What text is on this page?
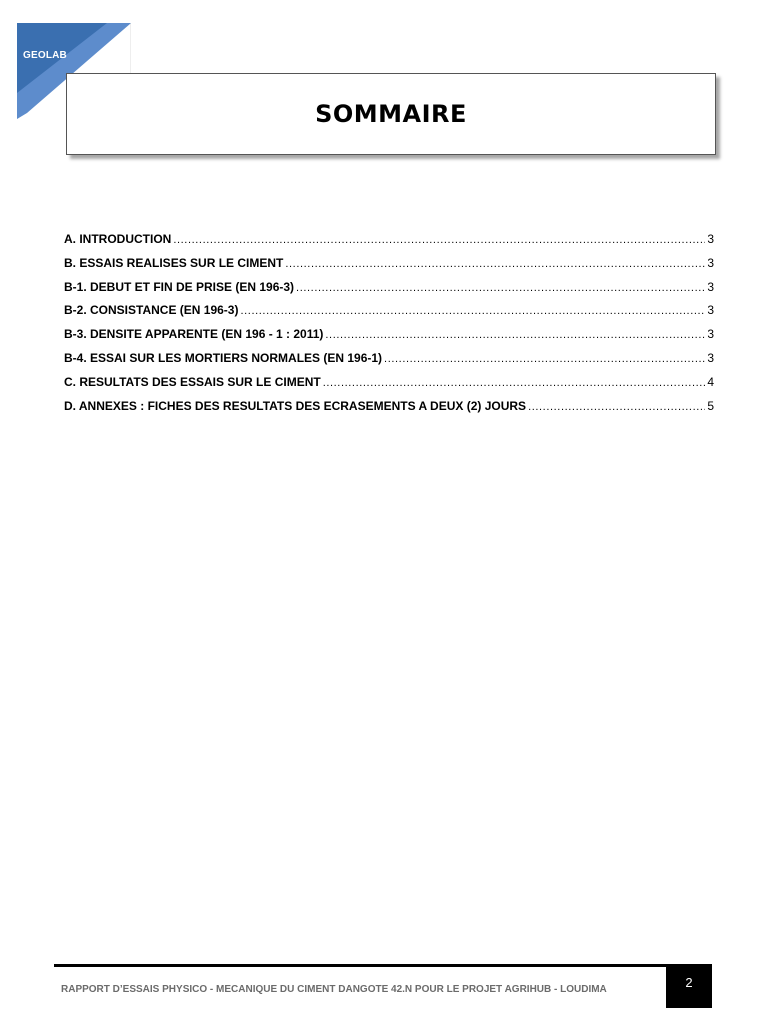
GEOLAB
SOMMAIRE
A. INTRODUCTION .....	3
B. ESSAIS REALISES SUR LE CIMENT .....	3
B-1. DEBUT ET FIN DE PRISE (EN 196-3) .....	3
B-2. CONSISTANCE (EN 196-3) .....	3
B-3. DENSITE APPARENTE (EN 196 - 1 : 2011) .....	3
B-4. ESSAI SUR LES MORTIERS NORMALES (EN 196-1) .....	3
C. RESULTATS DES ESSAIS SUR LE CIMENT .....	4
D. ANNEXES : FICHES DES RESULTATS DES ECRASEMENTS A DEUX (2) JOURS .....	5
RAPPORT D’ESSAIS PHYSICO - MECANIQUE DU CIMENT DANGOTE 42.N POUR LE PROJET AGRIHUB - LOUDIMA	2
